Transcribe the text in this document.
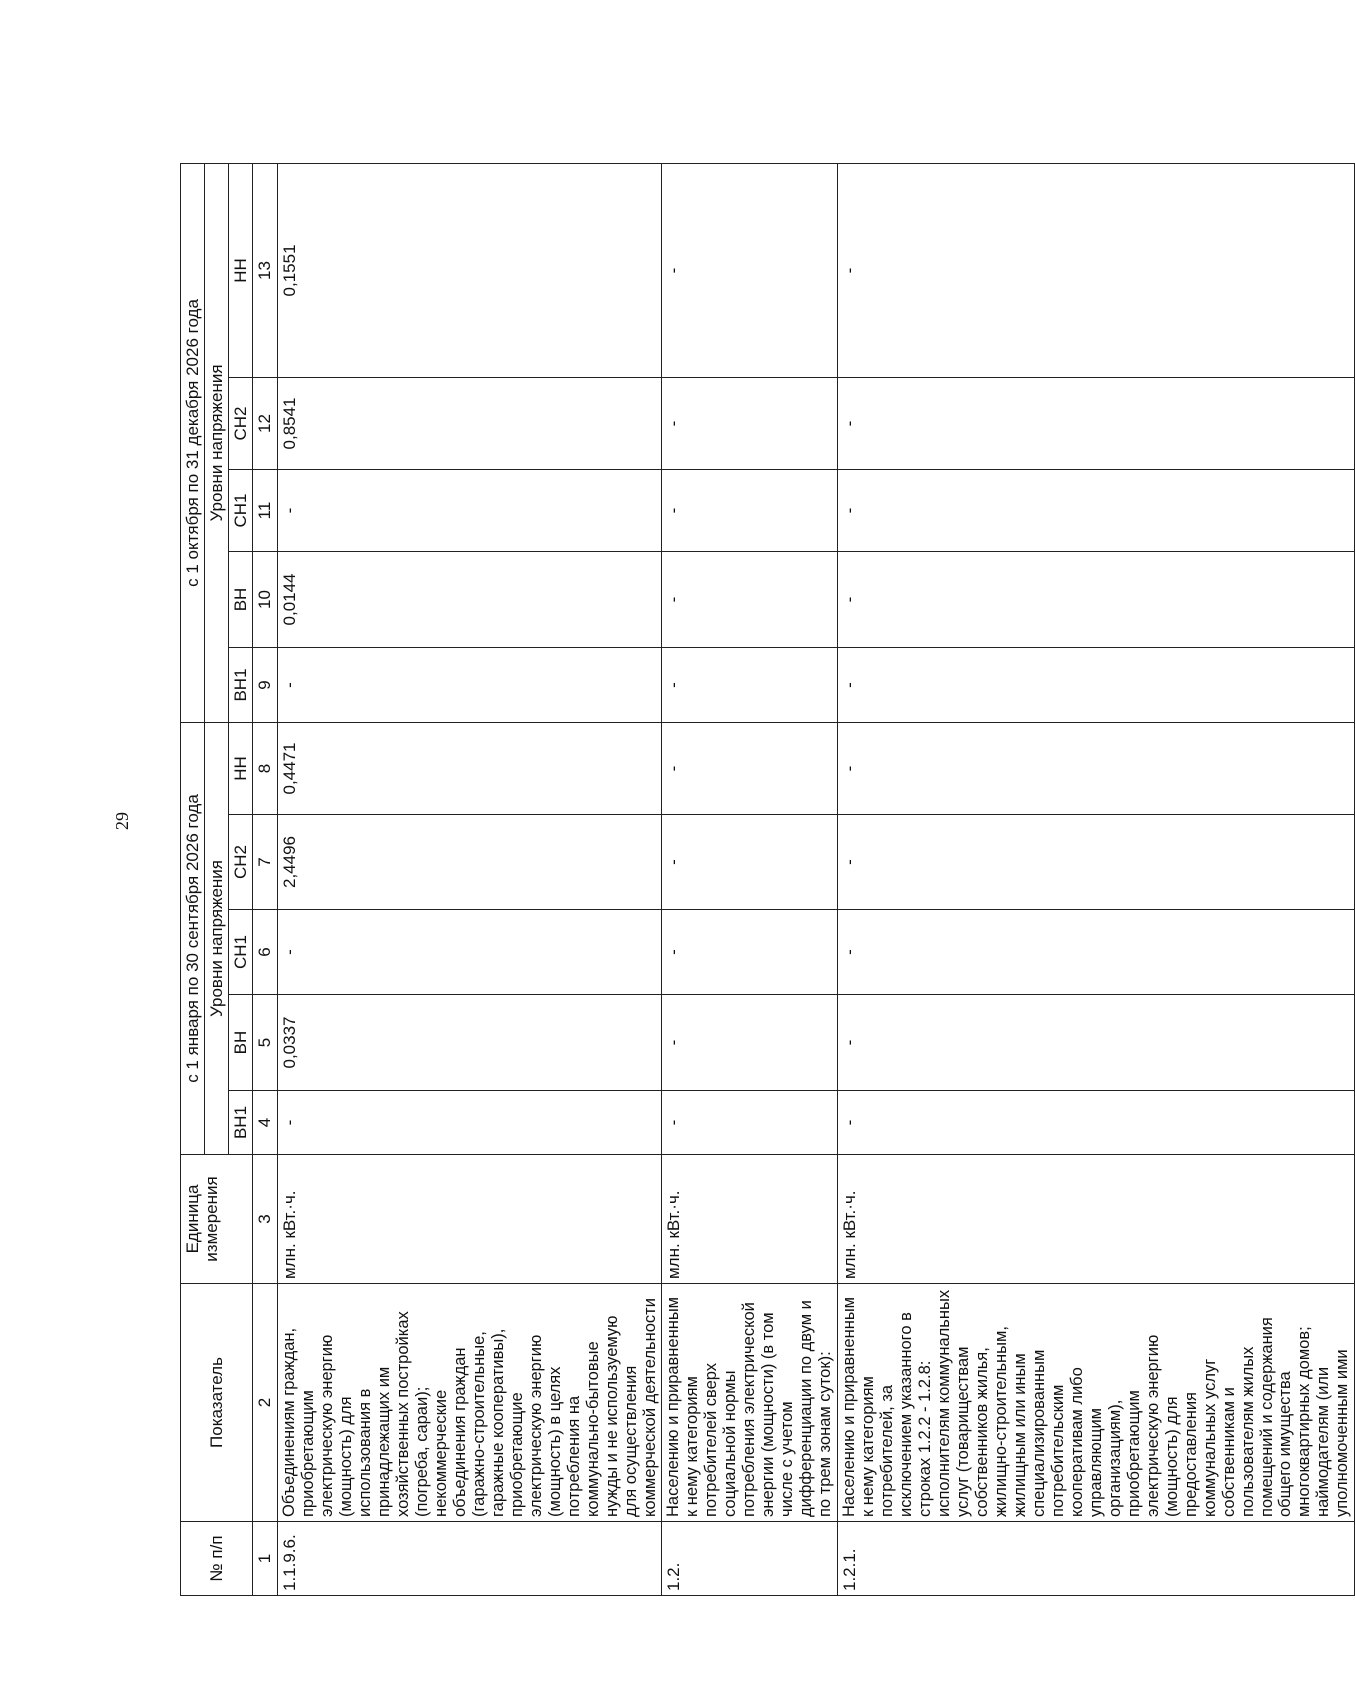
29
№ п/п	Показатель	Единица измерения	с 1 января по 30 сентября 2026 года					с 1 октября по 31 декабря 2026 года				
			Уровни напряжения					Уровни напряжения				
			ВН1	ВН	СН1	СН2	НН	ВН1	ВН	СН1	СН2	НН
1	2	3	4	5	6	7	8	9	10	11	12	13
1.1.9.6.	Объединениям граждан, приобретающим электрическую энергию (мощность) для использования в принадлежащих им хозяйственных постройках (погреба, сараи); некоммерческие объединения граждан (гаражно-строительные, гаражные кооперативы), приобретающие электрическую энергию (мощность) в целях потребления на коммунально-бытовые нужды и не используемую для осуществления коммерческой деятельности	млн. кВт.·ч.	-	0,0337	-	2,4496	0,4471	-	0,0144	-	0,8541	0,1551
1.2.	Населению и приравненным к нему категориям потребителей сверх социальной нормы потребления электрической энергии (мощности) (в том числе с учетом дифференциации по двум и по трем зонам суток):	млн. кВт.·ч.	-	-	-	-	-	-	-	-	-	-
1.2.1.	Населению и приравненным к нему категориям потребителей, за исключением указанного в строках 1.2.2 - 1.2.8: исполнителям коммунальных услуг (товариществам собственников жилья, жилищно-строительным, жилищным или иным специализированным потребительским кооперативам либо управляющим организациям), приобретающим электрическую энергию (мощность) для предоставления коммунальных услуг собственникам и пользователям жилых помещений и содержания общего имущества многоквартирных домов; наймодателям (или уполномоченным ими	млн. кВт.·ч.	-	-	-	-	-	-	-	-	-	-
